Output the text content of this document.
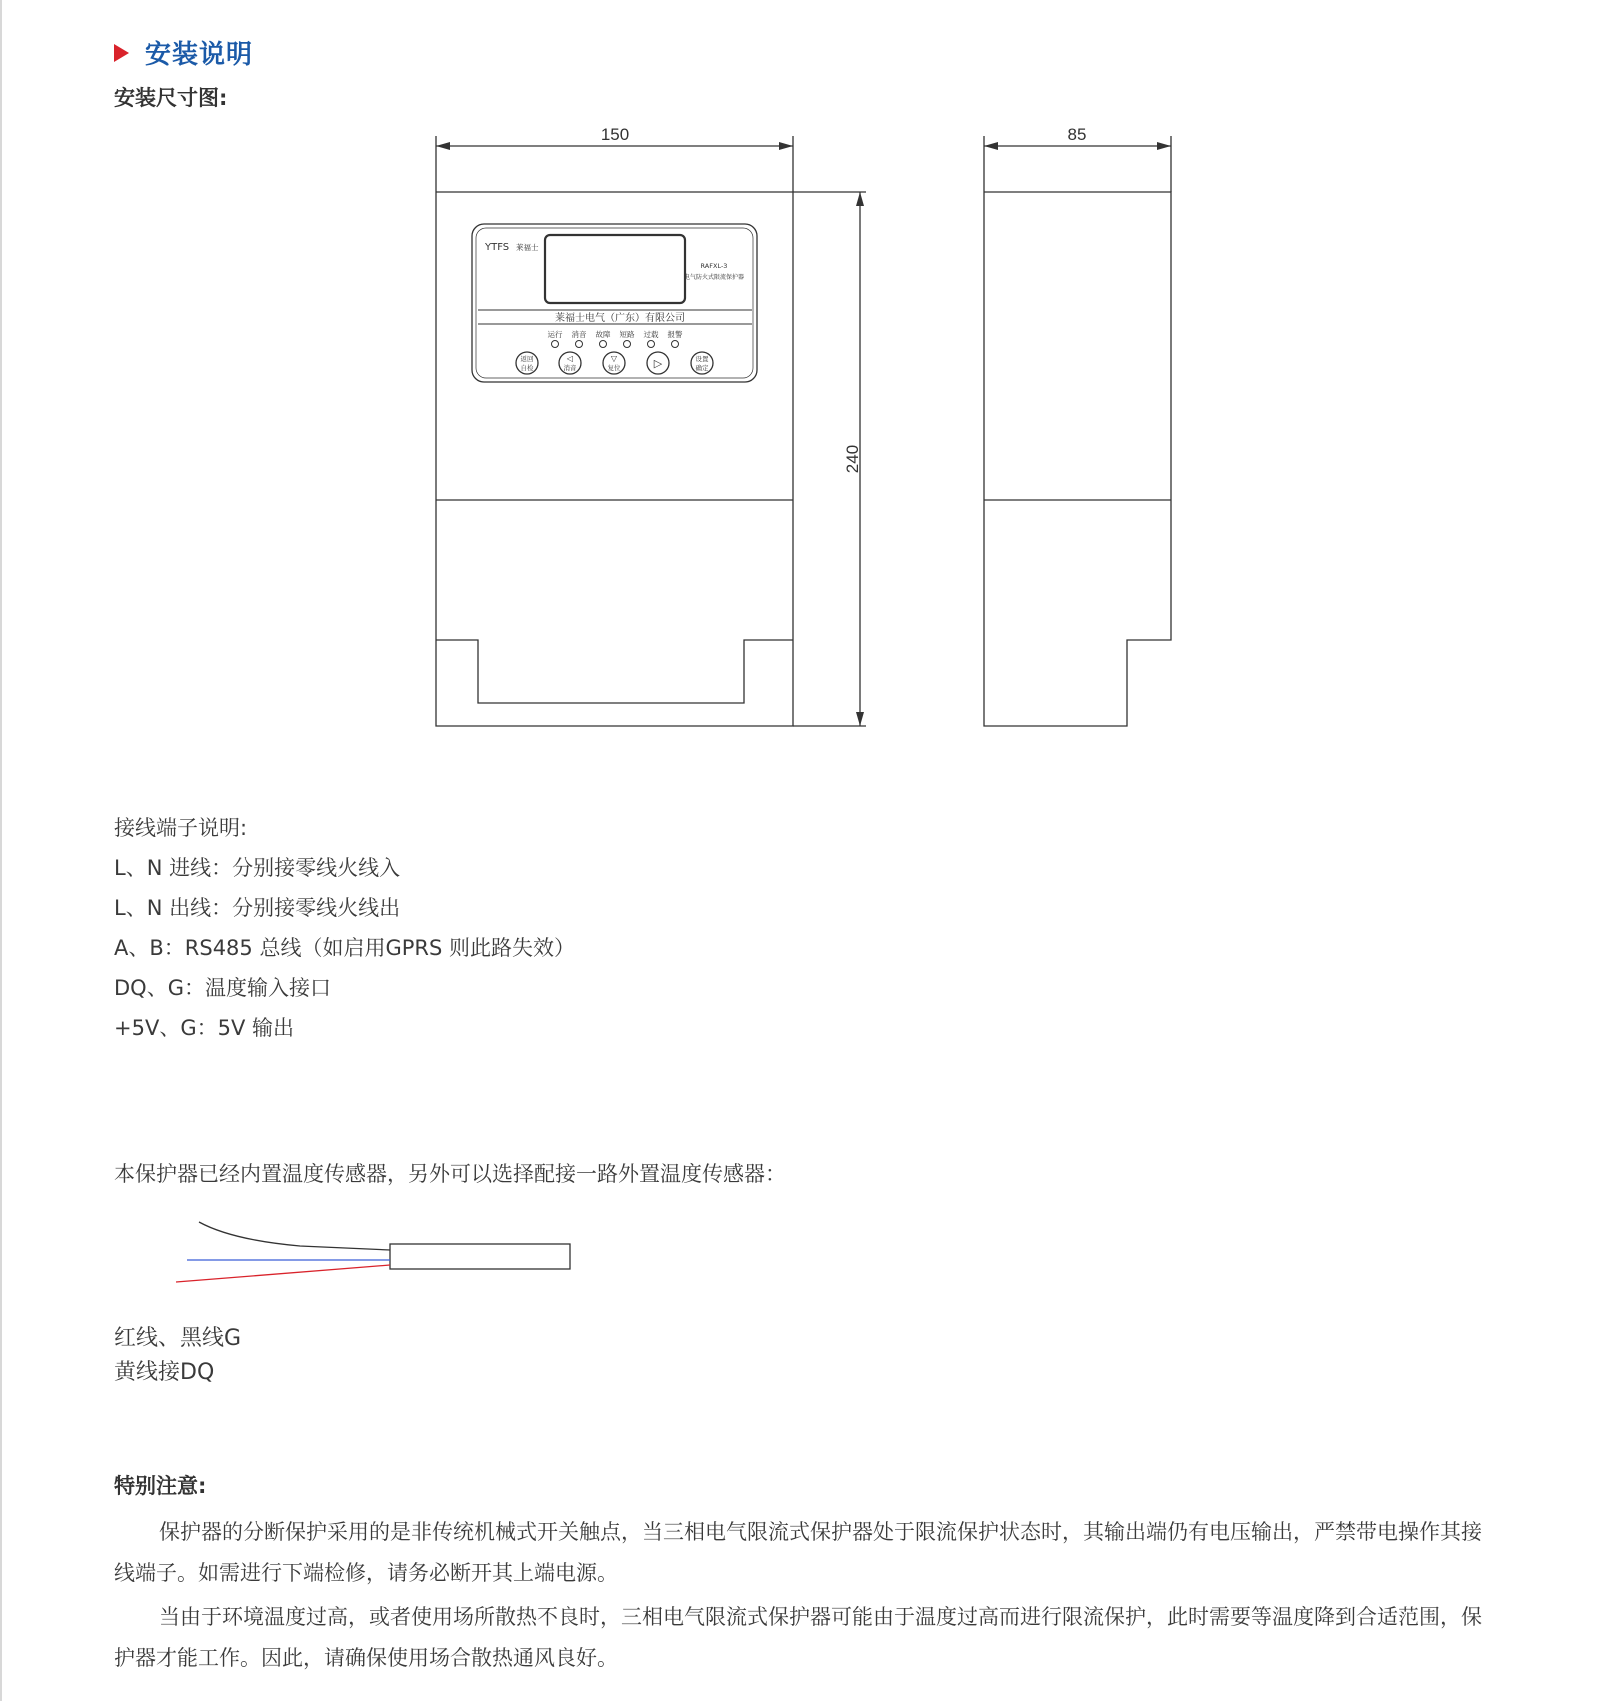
安装说明
安装尺寸图:
150	85
240
YTFS 莱福士
RAFXL-3
电气防火式限流保护器
莱福士电气（广东）有限公司
运行 消音 故障 短路 过载 报警
返回
自检
◁
消音
▽
复位	▷	设置
确定
接线端子说明:
L、N 进线：分别接零线火线入
L、N 出线：分别接零线火线出
A、B：RS485 总线（如启用GPRS 则此路失效）
DQ、G：温度输入接口
+5V、G：5V 输出
本保护器已经内置温度传感器，另外可以选择配接一路外置温度传感器：
红线、黑线G
黄线接DQ
特别注意:

保护器的分断保护采用的是非传统机械式开关触点，当三相电气限流式保护器处于限流保护状态时，其输出端仍有电压输出，严禁带电操作其接线端子。如需进行下端检修，请务必断开其上端电源。

当由于环境温度过高，或者使用场所散热不良时，三相电气限流式保护器可能由于温度过高而进行限流保护，此时需要等温度降到合适范围，保护器才能工作。因此，请确保使用场合散热通风良好。
